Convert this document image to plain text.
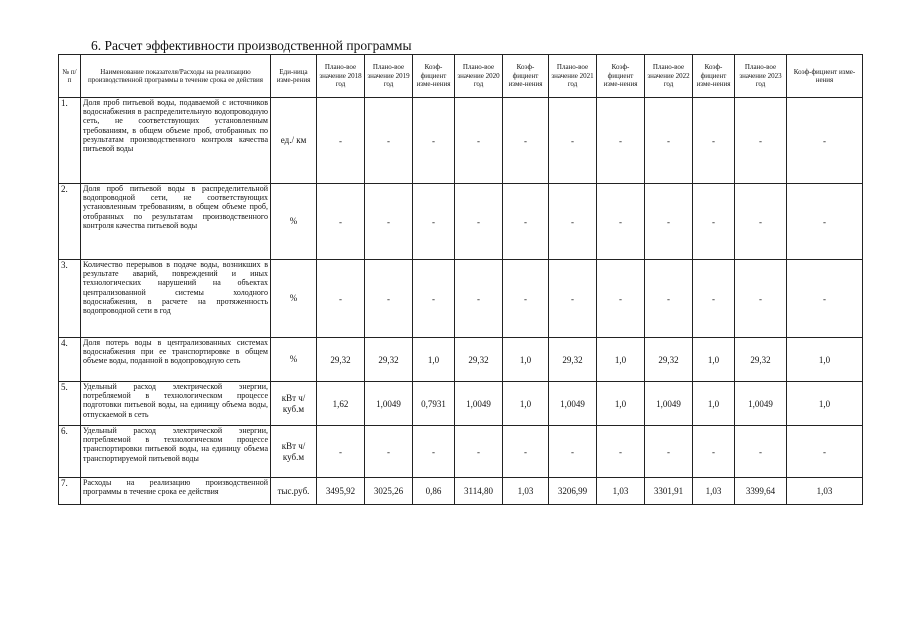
6. Расчет эффективности производственной программы
№ п/п	Наименование показателя/Расходы на реализацию производственной программы в течение срока ее действия	Еди-ница изме-рения	Плано-вое значение 2018 год	Плано-вое значение 2019 год	Коэф-фициент изме-нения	Плано-вое значение 2020 год	Коэф-фициент изме-нения	Плано-вое значение 2021 год	Коэф-фициент изме-нения	Плано-вое значение 2022 год	Коэф-фициент изме-нения	Плано-вое значение 2023 год	Коэф-фициент изме-нения
1.	Доля проб питьевой воды, подаваемой с источников водоснабжения в распределительную водопроводную сеть, не соответствующих установленным требованиям, в общем объеме проб, отобранных по результатам производственного контроля качества питьевой воды	ед./ км	-	-	-	-	-	-	-	-	-	-	-
2.	Доля проб питьевой воды в распределительной водопроводной сети, не соответствующих установленным требованиям, в общем объеме проб, отобранных по результатам производственного контроля качества питьевой воды	%	-	-	-	-	-	-	-	-	-	-	-
3.	Количество перерывов в подаче воды, возникших в результате аварий, повреждений и иных технологических нарушений на объектах централизованной системы холодного водоснабжения, в расчете на протяженность водопроводной сети в год	%	-	-	-	-	-	-	-	-	-	-	-
4.	Доля потерь воды в централизованных системах водоснабжения при ее транспортировке в общем объеме воды, поданной в водопроводную сеть	%	29,32	29,32	1,0	29,32	1,0	29,32	1,0	29,32	1,0	29,32	1,0
5.	Удельный расход электрической энергии, потребляемой в технологическом процессе подготовки питьевой воды, на единицу объема воды, отпускаемой в сеть	кВт ч/куб.м	1,62	1,0049	0,7931	1,0049	1,0	1,0049	1,0	1,0049	1,0	1,0049	1,0
6.	Удельный расход электрической энергии, потребляемой в технологическом процессе транспортировки питьевой воды, на единицу объема транспортируемой питьевой воды	кВт ч/куб.м	-	-	-	-	-	-	-	-	-	-	-
7.	Расходы на реализацию производственной программы в течение срока ее действия	тыс.руб.	3495,92	3025,26	0,86	3114,80	1,03	3206,99	1,03	3301,91	1,03	3399,64	1,03
